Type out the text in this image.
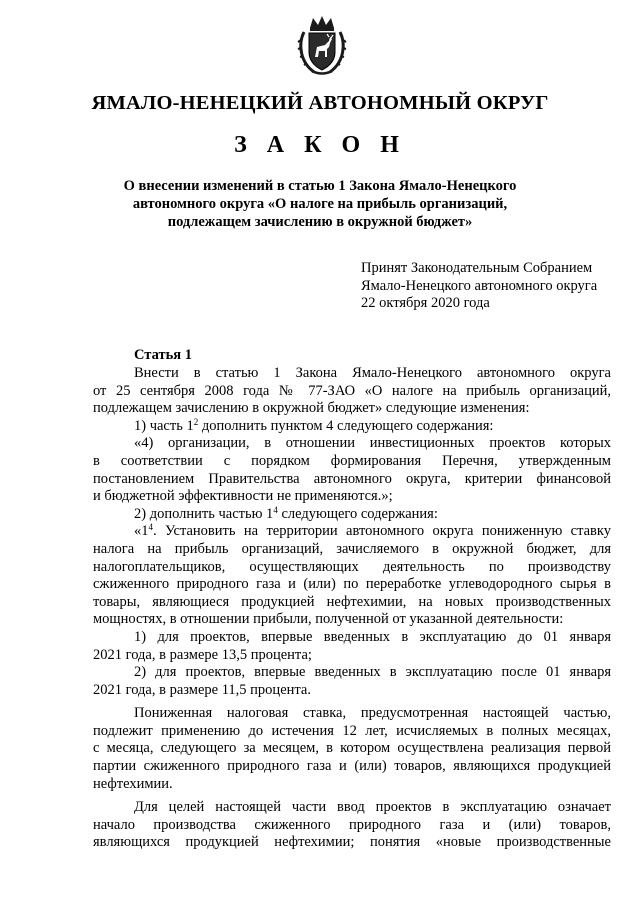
ЯМАЛО-НЕНЕЦКИЙ АВТОНОМНЫЙ ОКРУГ
З А К О Н
О внесении изменений в статью 1 Закона Ямало-Ненецкого
автономного округа «О налоге на прибыль организаций,
подлежащем зачислению в окружной бюджет»
Принят Законодательным Собранием
Ямало-Ненецкого автономного округа
22 октября 2020 года
Статья 1
Внести в статью 1 Закона Ямало-Ненецкого автономного округа
от 25 сентября 2008 года № 77-ЗАО «О налоге на прибыль организаций,
подлежащем зачислению в окружной бюджет» следующие изменения:
1) часть $1^2$ дополнить пунктом 4 следующего содержания:
«4) организации, в отношении инвестиционных проектов которых
в соответствии с порядком формирования Перечня, утвержденным
постановлением Правительства автономного округа, критерии финансовой
и бюджетной эффективности не применяются.»;
2) дополнить частью $1^4$ следующего содержания:
«$1^4$. Установить на территории автономного округа пониженную ставку
налога на прибыль организаций, зачисляемого в окружной бюджет, для
налогоплательщиков, осуществляющих деятельность по производству
сжиженного природного газа и (или) по переработке углеводородного сырья в
товары, являющиеся продукцией нефтехимии, на новых производственных
мощностях, в отношении прибыли, полученной от указанной деятельности:
1) для проектов, впервые введенных в эксплуатацию до 01 января
2021 года, в размере 13,5 процента;
2) для проектов, впервые введенных в эксплуатацию после 01 января
2021 года, в размере 11,5 процента.
Пониженная налоговая ставка, предусмотренная настоящей частью,
подлежит применению до истечения 12 лет, исчисляемых в полных месяцах,
с месяца, следующего за месяцем, в котором осуществлена реализация первой
партии сжиженного природного газа и (или) товаров, являющихся продукцией
нефтехимии.
Для целей настоящей части ввод проектов в эксплуатацию означает
начало производства сжиженного природного газа и (или) товаров,
являющихся продукцией нефтехимии; понятия «новые производственные
